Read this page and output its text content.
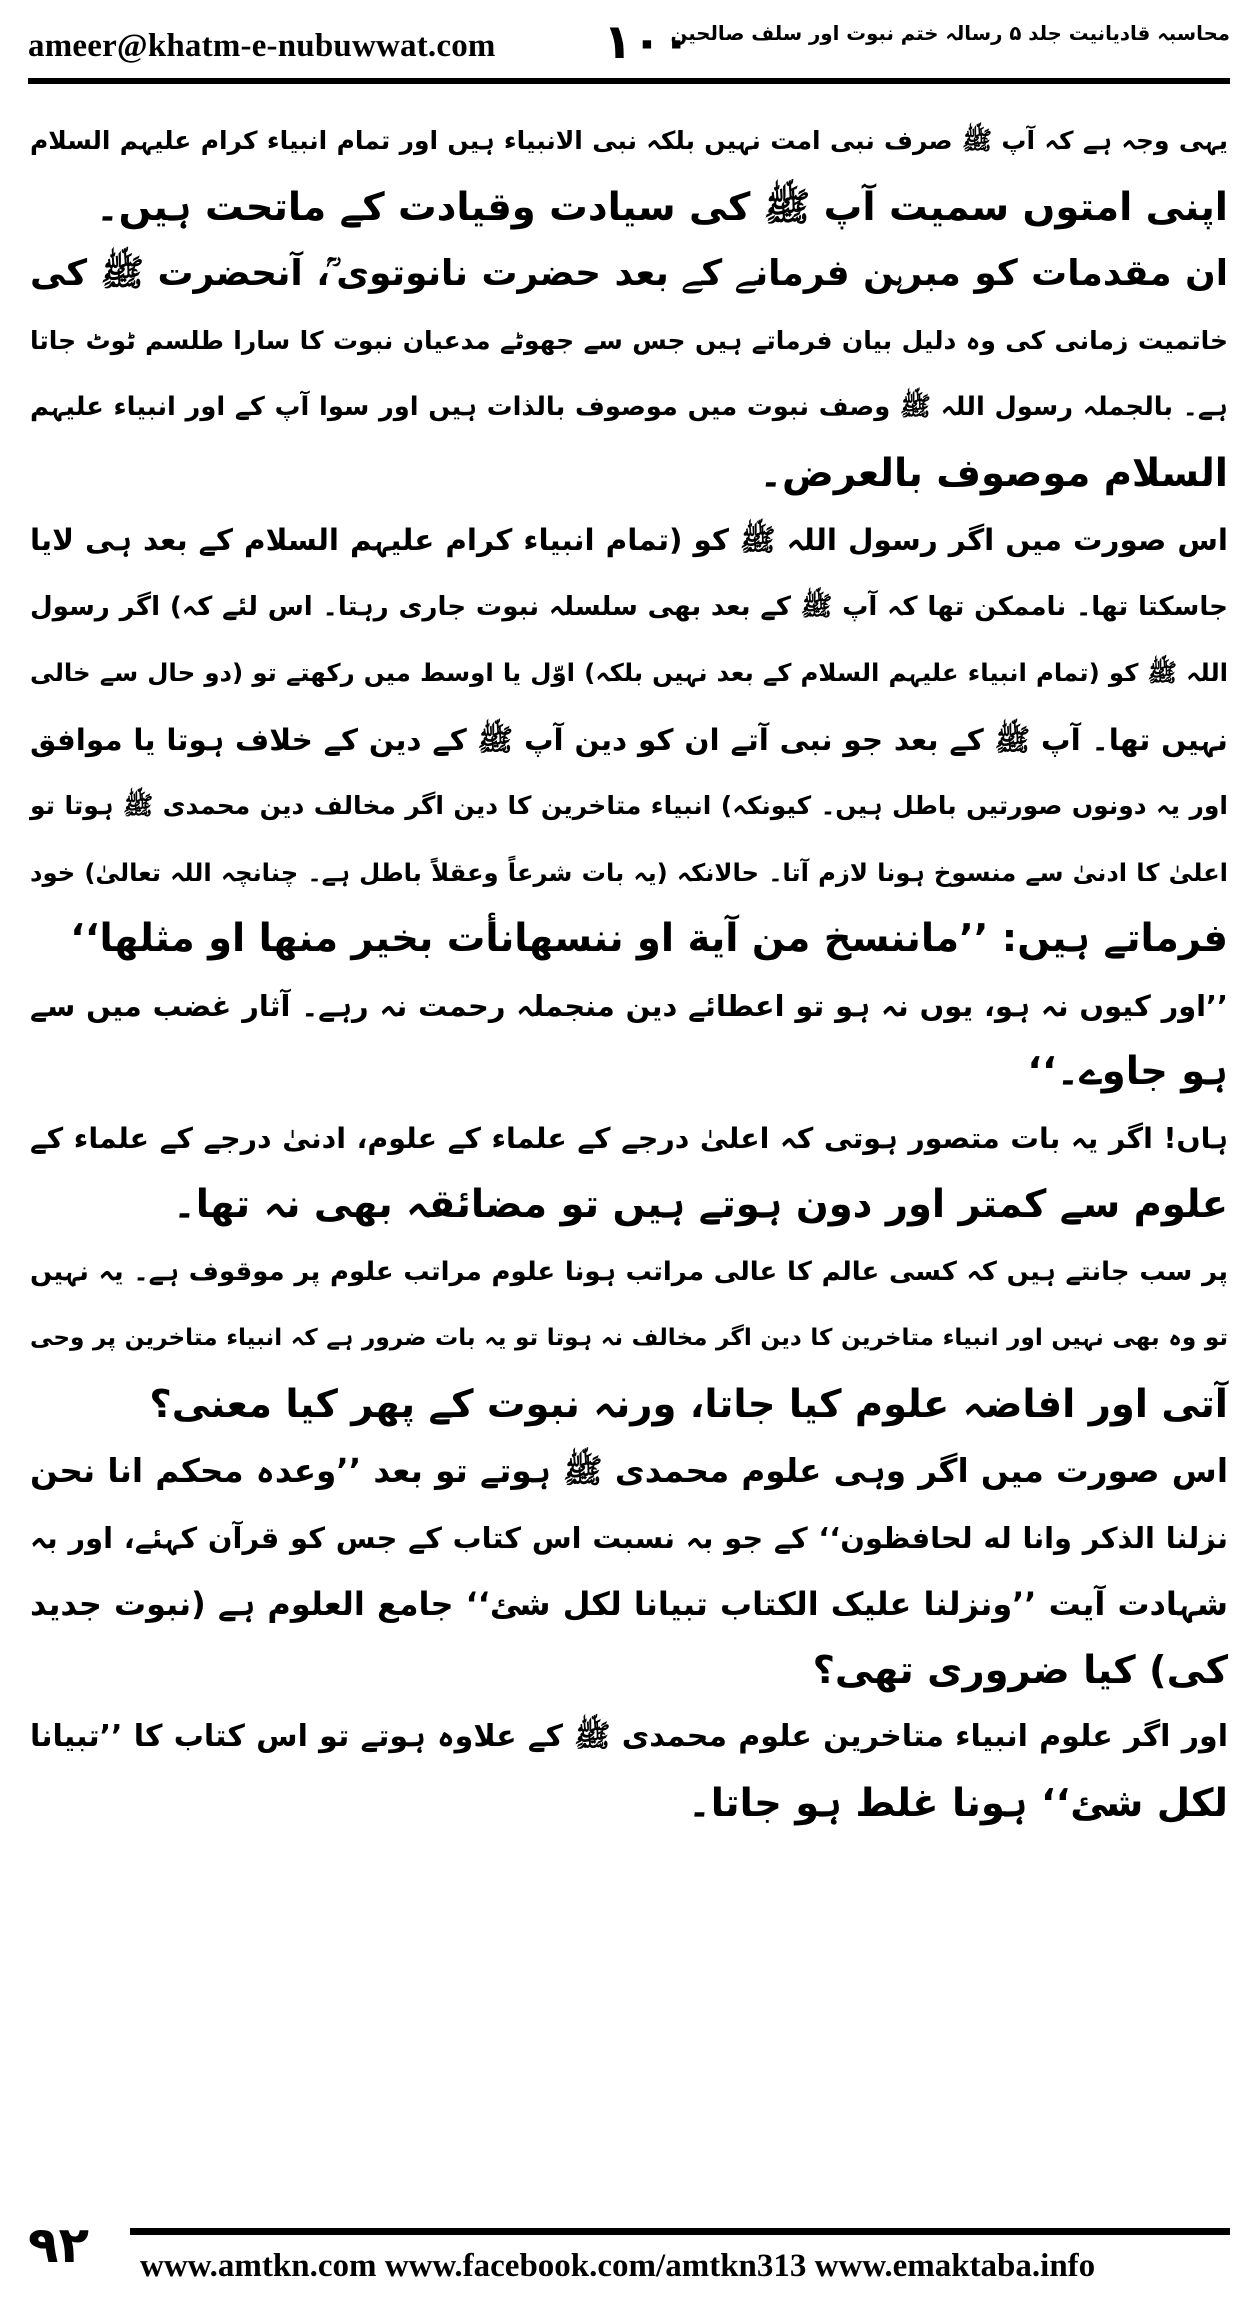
ameer@khatm-e-nubuwwat.com ۱۰۰
محاسبہ قادیانیت جلد ۵ رسالہ ختم نبوت اور سلف صالحین
یہی وجہ ہے کہ آپ ﷺ صرف نبی امت نہیں بلکہ نبی الانبیاء ہیں اور تمام انبیاء کرام علیہم السلام
اپنی امتوں سمیت آپ ﷺ کی سیادت وقیادت کے ماتحت ہیں۔
ان مقدمات کو مبرہن فرمانے کے بعد حضرت نانوتوی ؒ، آنحضرت ﷺ کی
خاتمیت زمانی کی وہ دلیل بیان فرماتے ہیں جس سے جھوٹے مدعیان نبوت کا سارا طلسم ٹوٹ جاتا
ہے۔ بالجملہ رسول اللہ ﷺ وصف نبوت میں موصوف بالذات ہیں اور سوا آپ کے اور انبیاء علیہم
السلام موصوف بالعرض۔
اس صورت میں اگر رسول اللہ ﷺ کو (تمام انبیاء کرام علیہم السلام کے بعد ہی لایا
جاسکتا تھا۔ ناممکن تھا کہ آپ ﷺ کے بعد بھی سلسلہ نبوت جاری رہتا۔ اس لئے کہ) اگر رسول
اللہ ﷺ کو (تمام انبیاء علیہم السلام کے بعد نہیں بلکہ) اوّل یا اوسط میں رکھتے تو (دو حال سے خالی
نہیں تھا۔ آپ ﷺ کے بعد جو نبی آتے ان کو دین آپ ﷺ کے دین کے خلاف ہوتا یا موافق
اور یہ دونوں صورتیں باطل ہیں۔ کیونکہ) انبیاء متاخرین کا دین اگر مخالف دین محمدی ﷺ ہوتا تو
اعلیٰ کا ادنیٰ سے منسوخ ہونا لازم آتا۔ حالانکہ (یہ بات شرعاً وعقلاً باطل ہے۔ چنانچہ اللہ تعالیٰ) خود
فرماتے ہیں: ’’ماننسخ من آیة او ننسهانأت بخیر منها او مثلها‘‘
’’اور کیوں نہ ہو، یوں نہ ہو تو اعطائے دین منجملہ رحمت نہ رہے۔ آثار غضب میں سے
ہو جاوے۔‘‘
ہاں! اگر یہ بات متصور ہوتی کہ اعلیٰ درجے کے علماء کے علوم، ادنیٰ درجے کے علماء کے
علوم سے کمتر اور دون ہوتے ہیں تو مضائقہ بھی نہ تھا۔
پر سب جانتے ہیں کہ کسی عالم کا عالی مراتب ہونا علوم مراتب علوم پر موقوف ہے۔ یہ نہیں
تو وہ بھی نہیں اور انبیاء متاخرین کا دین اگر مخالف نہ ہوتا تو یہ بات ضرور ہے کہ انبیاء متاخرین پر وحی
آتی اور افاضہ علوم کیا جاتا، ورنہ نبوت کے پھر کیا معنی؟
اس صورت میں اگر وہی علوم محمدی ﷺ ہوتے تو بعد ’’وعدہ محکم انا نحن
نزلنا الذکر وانا له لحافظون‘‘ کے جو بہ نسبت اس کتاب کے جس کو قرآن کہئے، اور بہ
شہادت آیت ’’ونزلنا علیک الکتاب تبیانا لکل شئ‘‘ جامع العلوم ہے (نبوت جدید
کی) کیا ضروری تھی؟
اور اگر علوم انبیاء متاخرین علوم محمدی ﷺ کے علاوہ ہوتے تو اس کتاب کا ’’تبیانا
لکل شئ‘‘ ہونا غلط ہو جاتا۔
۹۲ www.amtkn.com www.facebook.com/amtkn313 www.emaktaba.info
